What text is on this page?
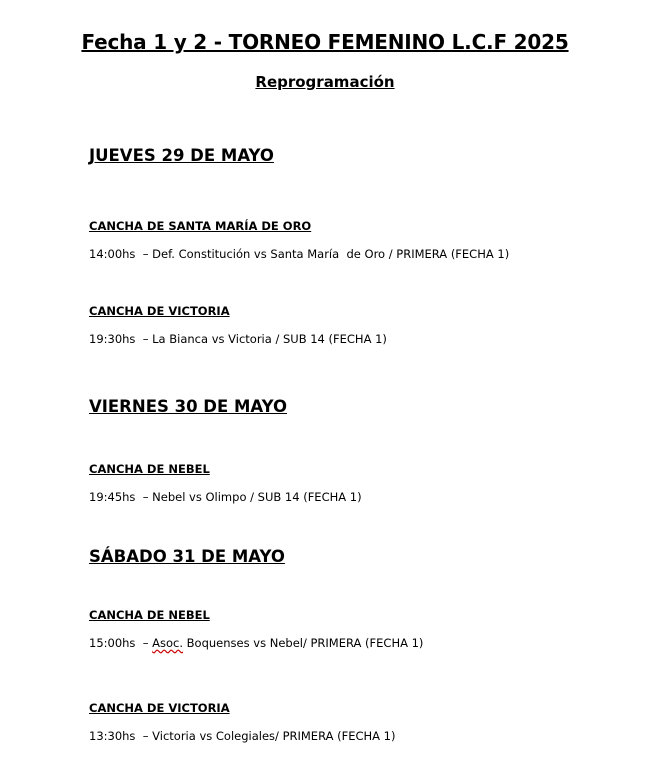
Fecha 1 y 2 - TORNEO FEMENINO L.C.F 2025
Reprogramación
JUEVES 29 DE MAYO
CANCHA DE SANTA MARÍA DE ORO
14:00hs  – Def. Constitución vs Santa María  de Oro / PRIMERA (FECHA 1)
CANCHA DE VICTORIA
19:30hs  – La Bianca vs Victoria / SUB 14 (FECHA 1)
VIERNES 30 DE MAYO
CANCHA DE NEBEL
19:45hs  – Nebel vs Olimpo / SUB 14 (FECHA 1)
SÁBADO 31 DE MAYO
CANCHA DE NEBEL
15:00hs  – Asoc. Boquenses vs Nebel/ PRIMERA (FECHA 1)
CANCHA DE VICTORIA
13:30hs  – Victoria vs Colegiales/ PRIMERA (FECHA 1)
